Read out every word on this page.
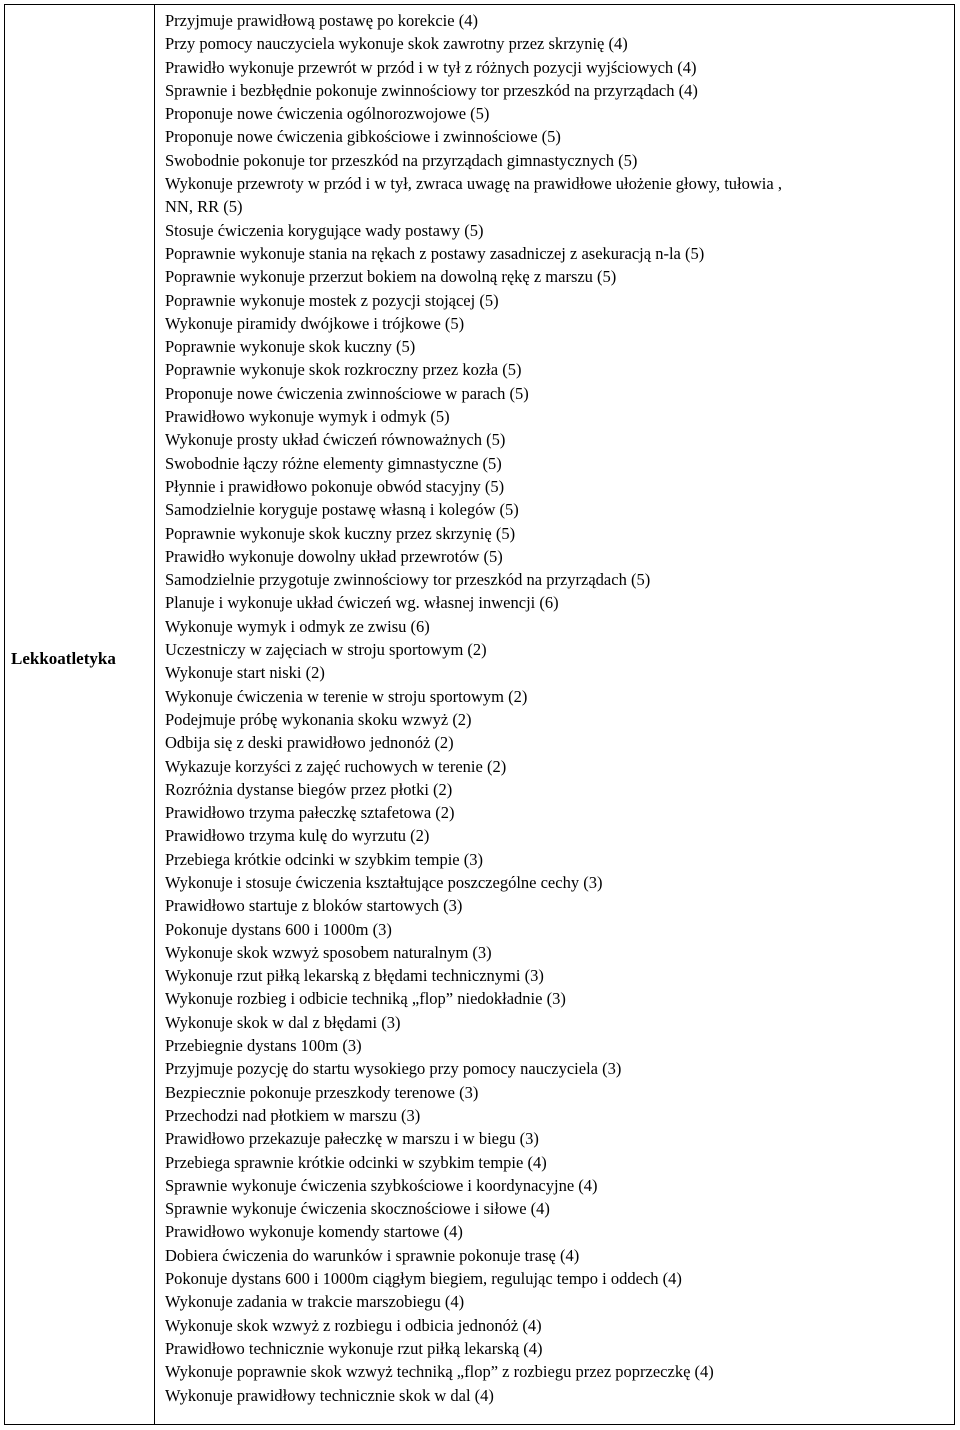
Lekkoatletyka
Przyjmuje prawidłową postawę po korekcie (4)
Przy pomocy nauczyciela wykonuje skok zawrotny przez skrzynię (4)
Prawidło wykonuje przewrót w przód i w tył z różnych pozycji wyjściowych (4)
Sprawnie i bezbłędnie pokonuje zwinnościowy tor przeszkód na przyrządach (4)
Proponuje nowe ćwiczenia ogólnorozwojowe (5)
Proponuje nowe ćwiczenia gibkościowe i zwinnościowe (5)
Swobodnie pokonuje tor przeszkód na przyrządach gimnastycznych (5)
Wykonuje przewroty w przód i w tył, zwraca uwagę na prawidłowe ułożenie głowy, tułowia ,
NN, RR (5)
Stosuje ćwiczenia korygujące wady postawy (5)
Poprawnie wykonuje stania na rękach z postawy zasadniczej z asekuracją n-la (5)
Poprawnie wykonuje przerzut bokiem na dowolną rękę z marszu (5)
Poprawnie wykonuje mostek z pozycji stojącej (5)
Wykonuje piramidy dwójkowe i trójkowe (5)
Poprawnie wykonuje skok kuczny (5)
Poprawnie wykonuje skok rozkroczny przez kozła (5)
Proponuje nowe ćwiczenia zwinnościowe w parach (5)
Prawidłowo wykonuje wymyk i odmyk (5)
Wykonuje prosty układ ćwiczeń równoważnych (5)
Swobodnie łączy różne elementy gimnastyczne (5)
Płynnie i prawidłowo pokonuje obwód stacyjny (5)
Samodzielnie koryguje postawę własną i kolegów (5)
Poprawnie wykonuje skok kuczny przez skrzynię (5)
Prawidło wykonuje dowolny układ przewrotów (5)
Samodzielnie przygotuje zwinnościowy tor przeszkód na przyrządach (5)
Planuje i wykonuje układ ćwiczeń wg. własnej inwencji (6)
Wykonuje wymyk i odmyk ze zwisu (6)
Uczestniczy w zajęciach w stroju sportowym (2)
Wykonuje start niski (2)
Wykonuje ćwiczenia w terenie w stroju sportowym (2)
Podejmuje próbę wykonania skoku wzwyż (2)
Odbija się z deski prawidłowo jednonóż (2)
Wykazuje korzyści z zajęć ruchowych w terenie (2)
Rozróżnia dystanse biegów przez płotki (2)
Prawidłowo trzyma pałeczkę sztafetowa (2)
Prawidłowo trzyma kulę do wyrzutu (2)
Przebiega krótkie odcinki w szybkim tempie (3)
Wykonuje i stosuje ćwiczenia kształtujące poszczególne cechy (3)
Prawidłowo startuje z bloków startowych (3)
Pokonuje dystans 600 i 1000m (3)
Wykonuje skok wzwyż sposobem naturalnym (3)
Wykonuje rzut piłką lekarską z błędami technicznymi (3)
Wykonuje rozbieg i odbicie techniką „flop” niedokładnie (3)
Wykonuje skok w dal z błędami (3)
Przebiegnie dystans 100m (3)
Przyjmuje pozycję do startu wysokiego przy pomocy nauczyciela (3)
Bezpiecznie pokonuje przeszkody terenowe (3)
Przechodzi nad płotkiem w marszu (3)
Prawidłowo przekazuje pałeczkę w marszu i w biegu (3)
Przebiega sprawnie krótkie odcinki w szybkim tempie (4)
Sprawnie wykonuje ćwiczenia szybkościowe i koordynacyjne (4)
Sprawnie wykonuje ćwiczenia skocznościowe i siłowe (4)
Prawidłowo wykonuje komendy startowe (4)
Dobiera ćwiczenia do warunków i sprawnie pokonuje trasę (4)
Pokonuje dystans 600 i 1000m ciągłym biegiem, regulując tempo i oddech (4)
Wykonuje zadania w trakcie marszobiegu (4)
Wykonuje skok wzwyż z rozbiegu i odbicia jednonóż (4)
Prawidłowo technicznie wykonuje rzut piłką lekarską (4)
Wykonuje poprawnie skok wzwyż techniką „flop” z rozbiegu przez poprzeczkę (4)
Wykonuje prawidłowy technicznie skok w dal (4)
